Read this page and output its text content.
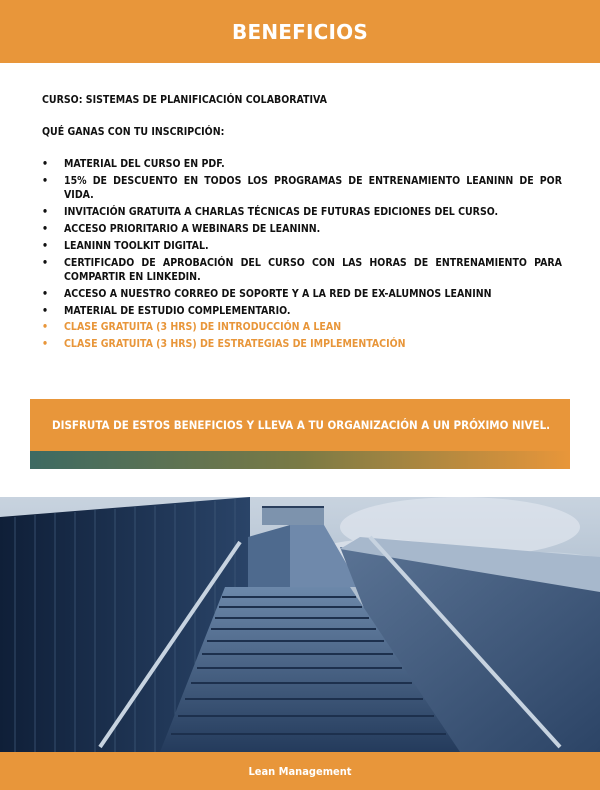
BENEFICIOS

CURSO: SISTEMAS DE PLANIFICACIÓN COLABORATIVA

QUÉ GANAS CON TU INSCRIPCIÓN:

• MATERIAL DEL CURSO EN PDF.
• 15% DE DESCUENTO EN TODOS LOS PROGRAMAS DE ENTRENAMIENTO LEANINN DE POR VIDA.
• INVITACIÓN GRATUITA A CHARLAS TÉCNICAS DE FUTURAS EDICIONES DEL CURSO.
• ACCESO PRIORITARIO A WEBINARS DE LEANINN.
• LEANINN TOOLKIT DIGITAL.
• CERTIFICADO DE APROBACIÓN DEL CURSO CON LAS HORAS DE ENTRENAMIENTO PARA COMPARTIR EN LINKEDIN.
• ACCESO A NUESTRO CORREO DE SOPORTE Y A LA RED DE EX-ALUMNOS LEANINN
• MATERIAL DE ESTUDIO COMPLEMENTARIO.
• CLASE GRATUITA (3 HRS) DE INTRODUCCIÓN A LEAN
• CLASE GRATUITA (3 HRS) DE ESTRATEGIAS DE IMPLEMENTACIÓN
DISFRUTA DE ESTOS BENEFICIOS Y LLEVA A TU ORGANIZACIÓN A UN PRÓXIMO NIVEL.
Lean Management
